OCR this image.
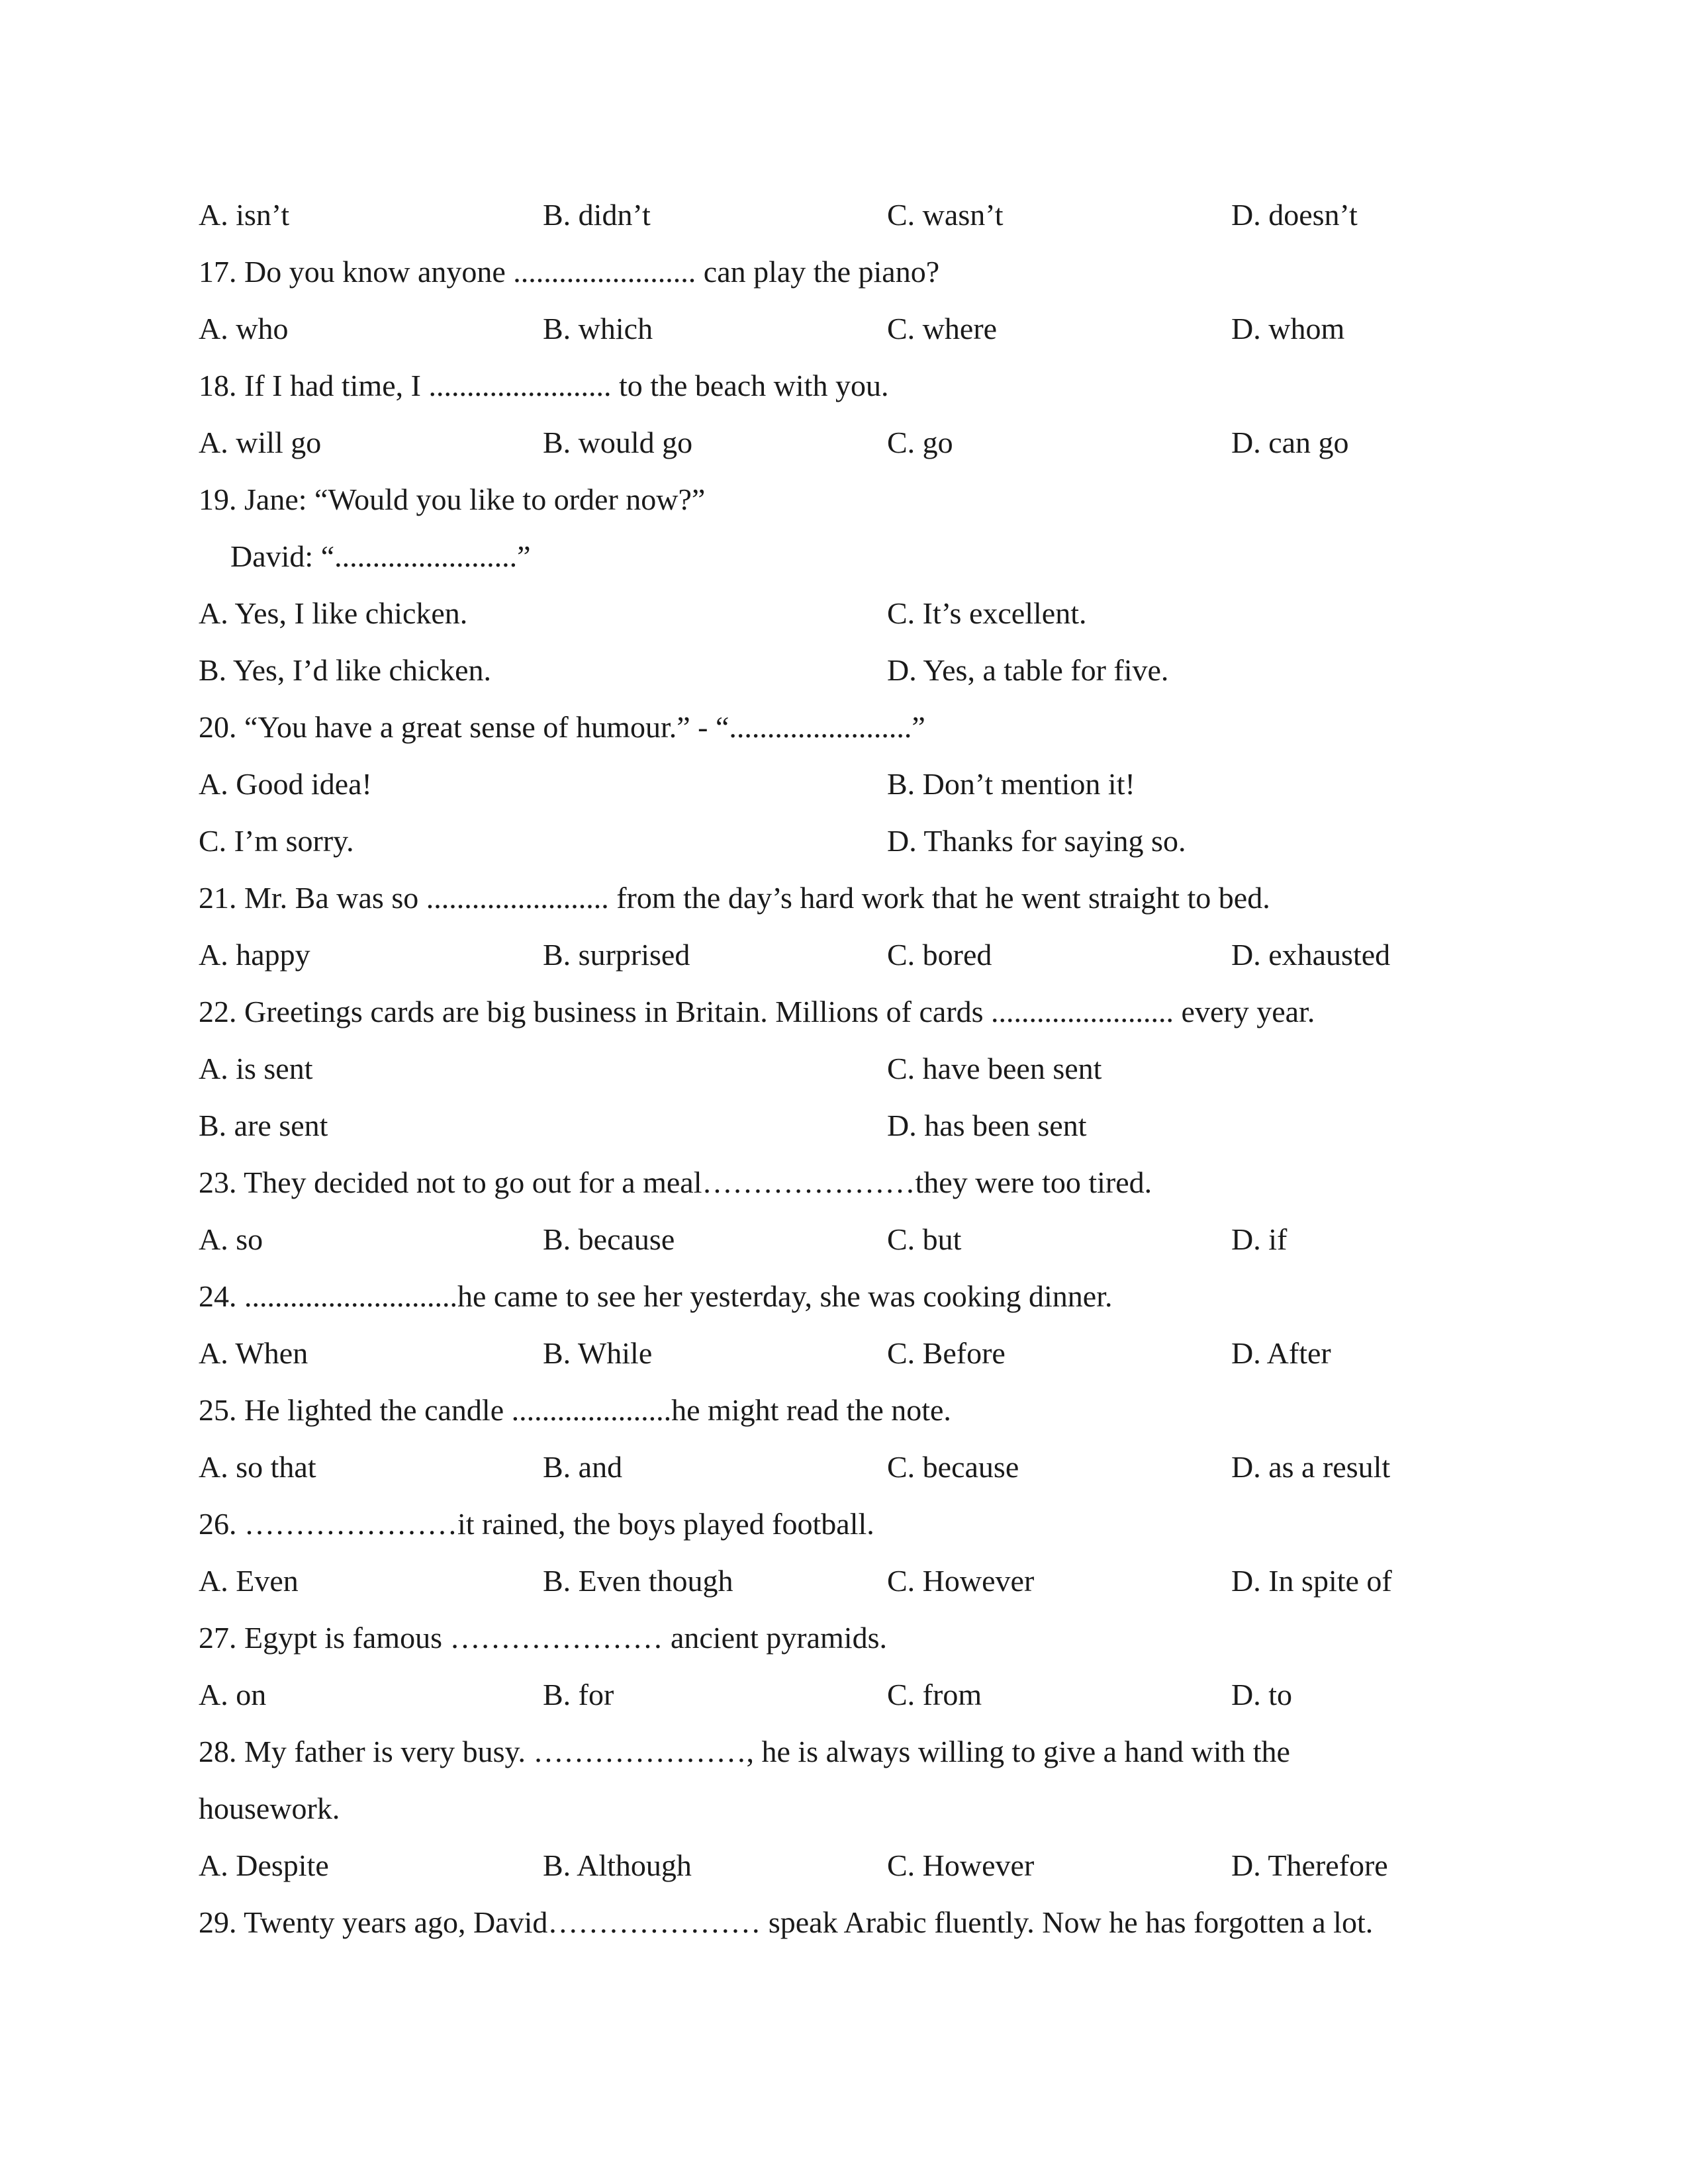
A. isn’t	B. didn’t	C. wasn’t	D. doesn’t
17. Do you know anyone ........................ can play the piano?
A. who	B. which	C. where	D. whom
18. If I had time, I ........................ to the beach with you.
A. will go	B. would go	C. go	D. can go
19. Jane: “Would you like to order now?”
David: “........................”
A. Yes, I like chicken.	C. It’s excellent.
B. Yes, I’d like chicken.	D. Yes, a table for five.
20. “You have a great sense of humour.” - “........................”
A. Good idea!	B. Don’t mention it!
C. I’m sorry.	D. Thanks for saying so.
21. Mr. Ba was so ........................ from the day’s hard work that he went straight to bed.
A. happy	B. surprised	C. bored	D. exhausted
22. Greetings cards are big business in Britain. Millions of cards ........................ every year.
A. is sent	C. have been sent
B. are sent	D. has been sent
23. They decided not to go out for a meal…………………they were too tired.
A. so	B. because	C. but	D. if
24. ............................he came to see her yesterday, she was cooking dinner.
A. When	B. While	C. Before	D. After
25. He lighted the candle .....................he might read the note.
A. so that	B. and	C. because	D. as a result
26. …………………it rained, the boys played football.
A. Even	B. Even though	C. However	D. In spite of
27. Egypt is famous ………………… ancient pyramids.
A. on	B. for	C. from	D. to
28. My father is very busy. …………………, he is always willing to give a hand with the
housework.
A. Despite	B. Although	C. However	D. Therefore
29. Twenty years ago, David………………… speak Arabic fluently. Now he has forgotten a lot.
